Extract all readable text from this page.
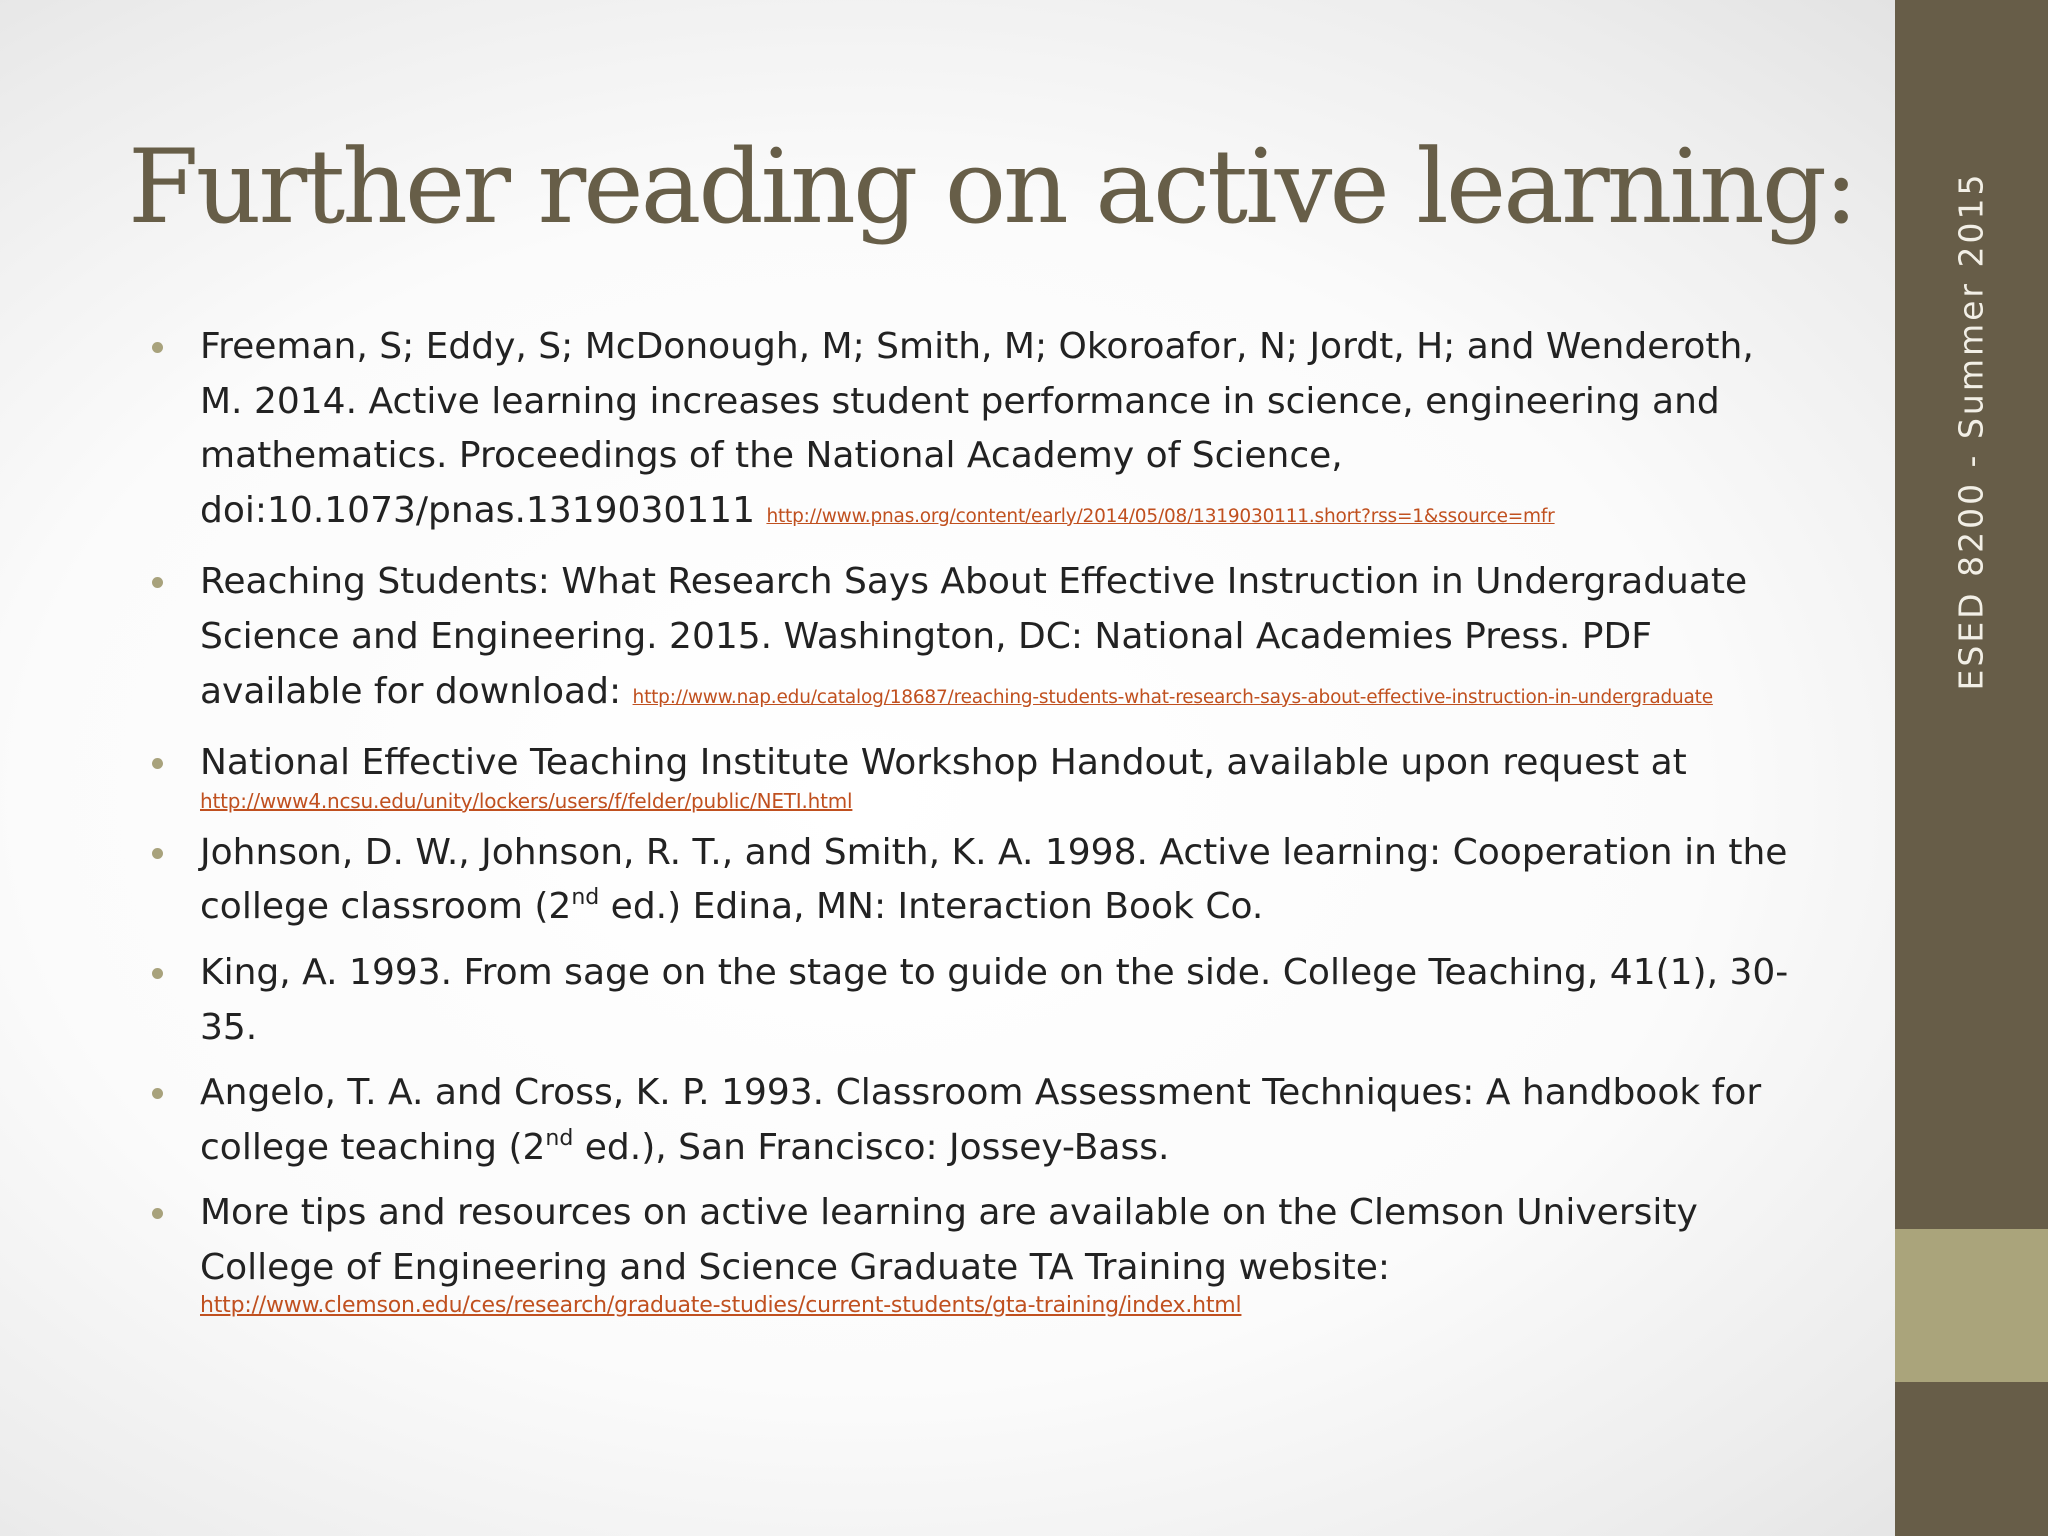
ESED 8200 - Summer 2015
Further reading on active learning:
Freeman, S; Eddy, S; McDonough, M; Smith, M; Okoroafor, N; Jordt, H; and Wenderoth, M. 2014. Active learning increases student performance in science, engineering and mathematics. Proceedings of the National Academy of Science, doi:10.1073/pnas.1319030111 http://www.pnas.org/content/early/2014/05/08/1319030111.short?rss=1&ssource=mfr
Reaching Students: What Research Says About Effective Instruction in Undergraduate Science and Engineering. 2015. Washington, DC: National Academies Press. PDF available for download: http://www.nap.edu/catalog/18687/reaching-students-what-research-says-about-effective-instruction-in-undergraduate
National Effective Teaching Institute Workshop Handout, available upon request at
http://www4.ncsu.edu/unity/lockers/users/f/felder/public/NETI.html
Johnson, D. W., Johnson, R. T., and Smith, K. A. 1998. Active learning: Cooperation in the college classroom (2nd ed.) Edina, MN: Interaction Book Co.
King, A. 1993. From sage on the stage to guide on the side. College Teaching, 41(1), 30-35.
Angelo, T. A. and Cross, K. P. 1993. Classroom Assessment Techniques: A handbook for college teaching (2nd ed.), San Francisco: Jossey-Bass.
More tips and resources on active learning are available on the Clemson University College of Engineering and Science Graduate TA Training website:
http://www.clemson.edu/ces/research/graduate-studies/current-students/gta-training/index.html
